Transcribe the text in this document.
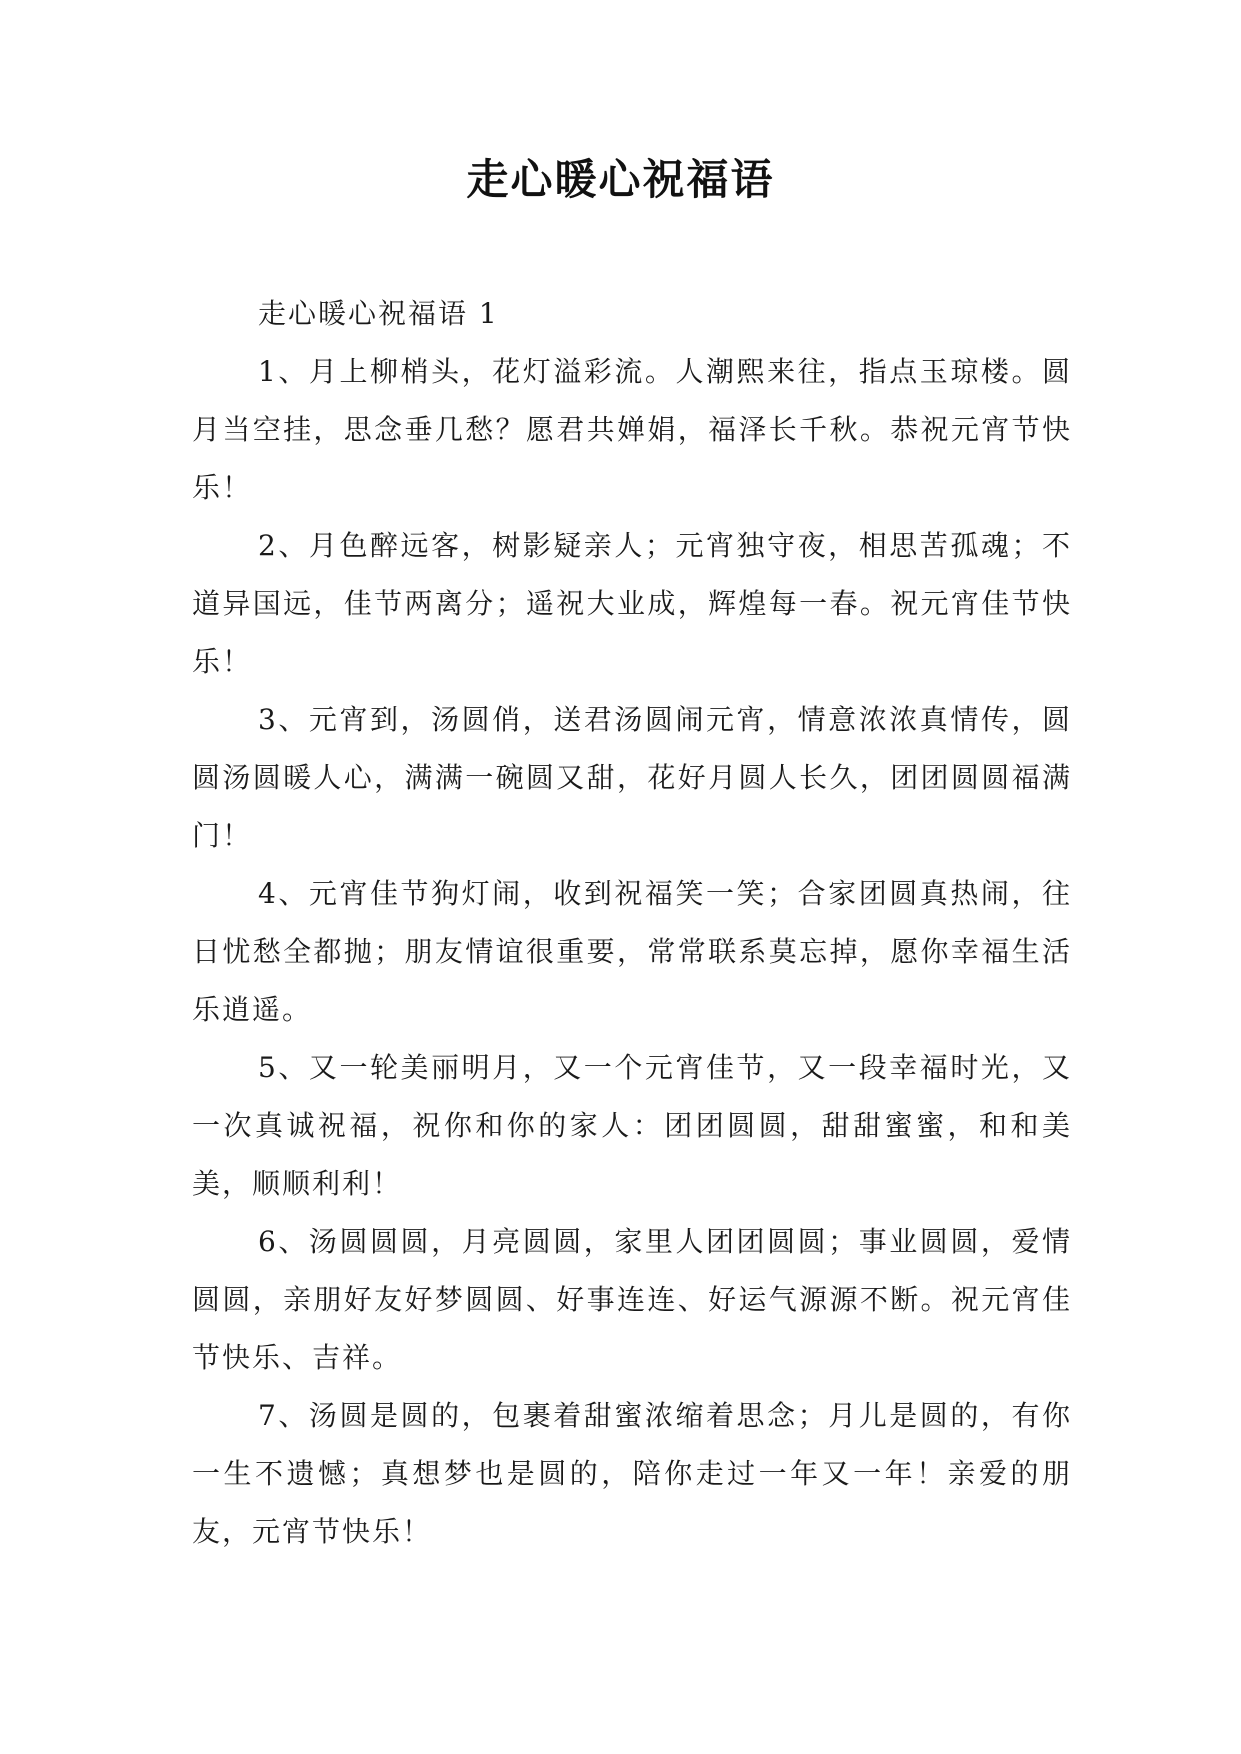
走心暖心祝福语

走心暖心祝福语 1

1、月上柳梢头，花灯溢彩流。人潮熙来往，指点玉琼楼。圆月当空挂，思念垂几愁？愿君共婵娟，福泽长千秋。恭祝元宵节快乐！

2、月色醉远客，树影疑亲人；元宵独守夜，相思苦孤魂；不道异国远，佳节两离分；遥祝大业成，辉煌每一春。祝元宵佳节快乐！

3、元宵到，汤圆俏，送君汤圆闹元宵，情意浓浓真情传，圆圆汤圆暖人心，满满一碗圆又甜，花好月圆人长久，团团圆圆福满门！

4、元宵佳节狗灯闹，收到祝福笑一笑；合家团圆真热闹，往日忧愁全都抛；朋友情谊很重要，常常联系莫忘掉，愿你幸福生活乐逍遥。

5、又一轮美丽明月，又一个元宵佳节，又一段幸福时光，又一次真诚祝福，祝你和你的家人：团团圆圆，甜甜蜜蜜，和和美美，顺顺利利！

6、汤圆圆圆，月亮圆圆，家里人团团圆圆；事业圆圆，爱情圆圆，亲朋好友好梦圆圆、好事连连、好运气源源不断。祝元宵佳节快乐、吉祥。

7、汤圆是圆的，包裹着甜蜜浓缩着思念；月儿是圆的，有你一生不遗憾；真想梦也是圆的，陪你走过一年又一年！亲爱的朋友，元宵节快乐！
